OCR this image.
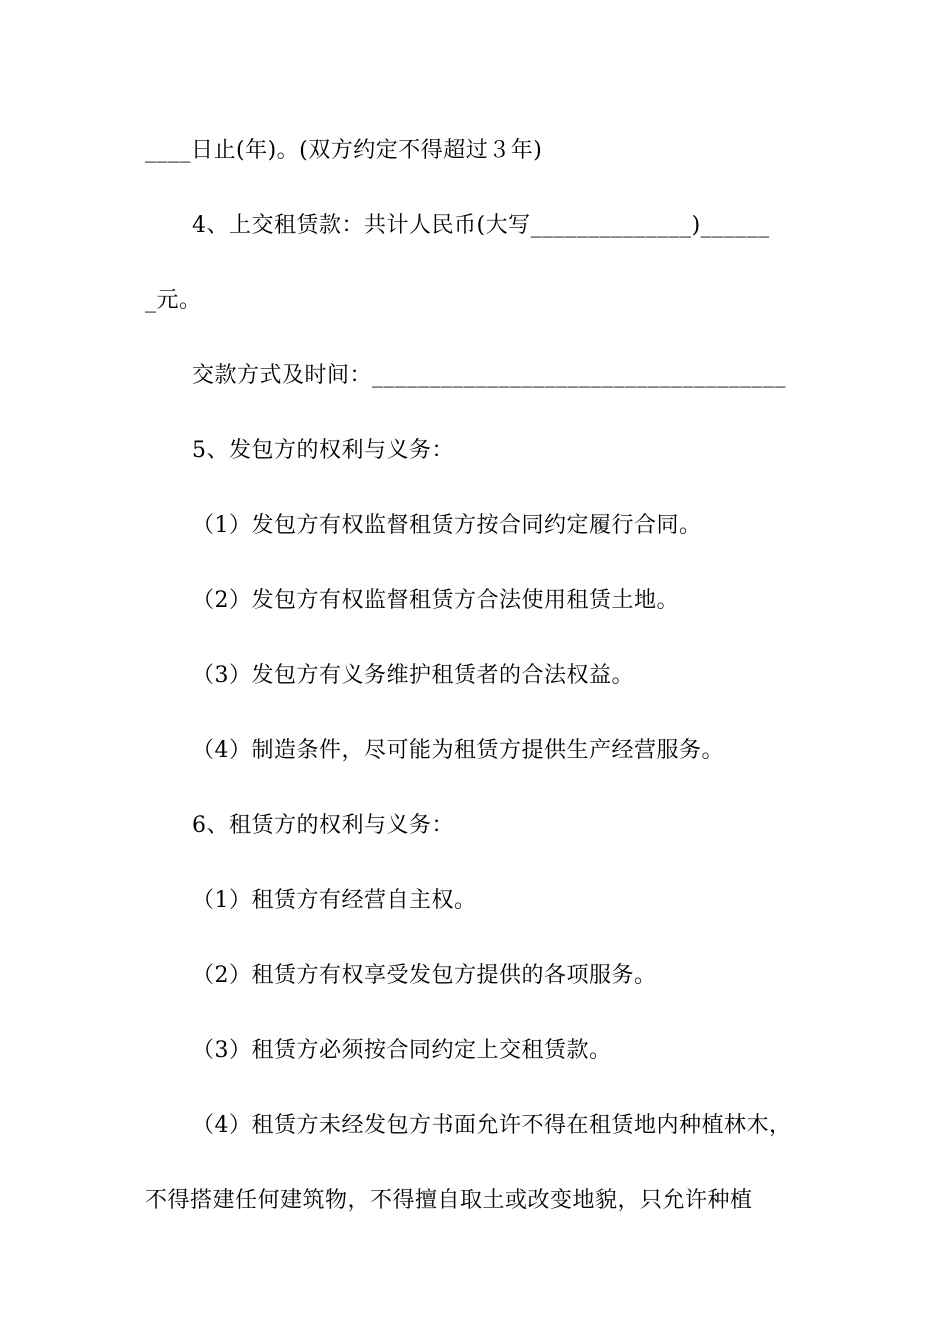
____日止(年)。(双方约定不得超过３年)
4、上交租赁款：共计人民币(大写______________)______
_元。
交款方式及时间：____________________________________
5、发包方的权利与义务：
（1）发包方有权监督租赁方按合同约定履行合同。
（2）发包方有权监督租赁方合法使用租赁土地。
（3）发包方有义务维护租赁者的合法权益。
（4）制造条件，尽可能为租赁方提供生产经营服务。
6、租赁方的权利与义务：
（1）租赁方有经营自主权。
（2）租赁方有权享受发包方提供的各项服务。
（3）租赁方必须按合同约定上交租赁款。
（4）租赁方未经发包方书面允许不得在租赁地内种植林木，
不得搭建任何建筑物，不得擅自取土或改变地貌，只允许种植
